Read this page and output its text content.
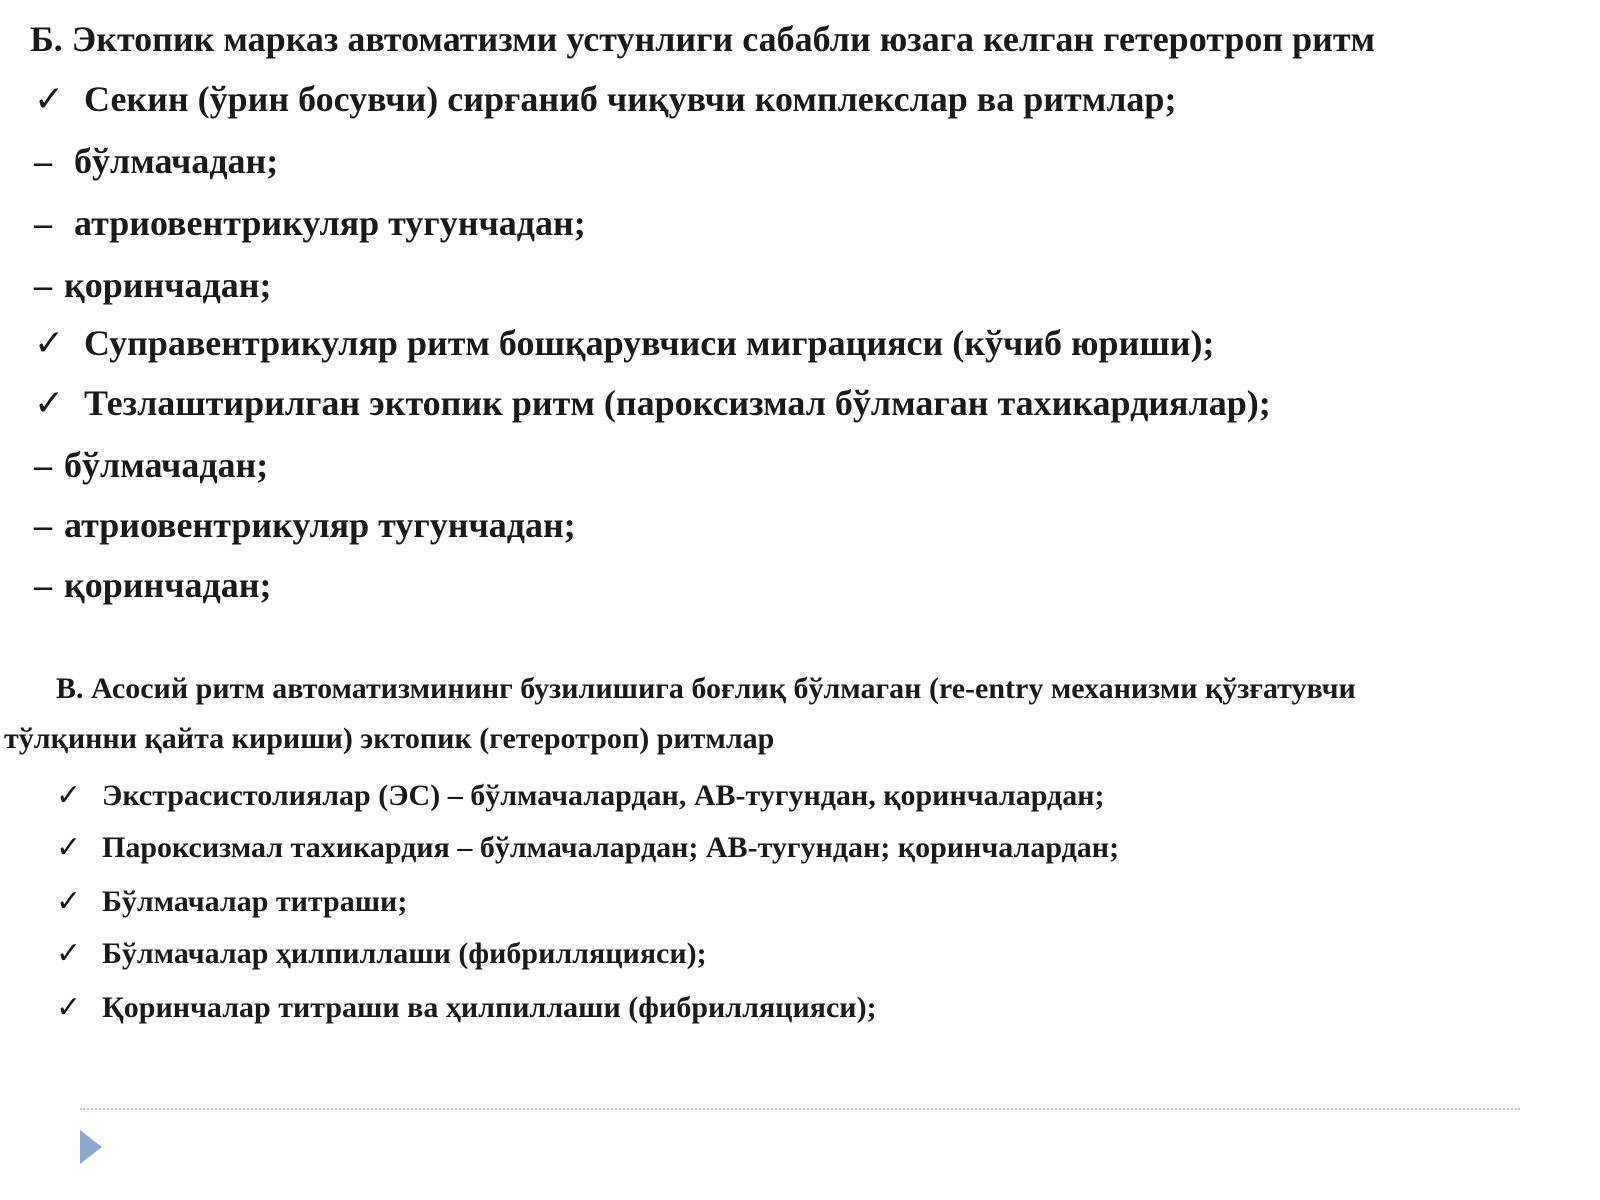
Б. Эктопик марказ автоматизми устунлиги сабабли юзага келган гетеротроп ритм
✓ Секин (ўрин босувчи) сирғаниб чиқувчи комплекслар ва ритмлар;
– бўлмачадан;
– атриовентрикуляр тугунчадан;
– қоринчадан;
✓ Суправентрикуляр ритм бошқарувчиси миграцияси (кўчиб юриши);
✓ Тезлаштирилган эктопик ритм (пароксизмал бўлмаган тахикардиялар);
– бўлмачадан;
– атриовентрикуляр тугунчадан;
– қоринчадан;
В. Асосий ритм автоматизмининг бузилишига боғлиқ бўлмаган (re-entry механизми қўзғатувчи
тўлқинни қайта кириши) эктопик (гетеротроп) ритмлар
✓ Экстрасистолиялар (ЭС) – бўлмачалардан, АВ-тугундан, қоринчалардан;
✓ Пароксизмал тахикардия – бўлмачалардан; АВ-тугундан; қоринчалардан;
✓ Бўлмачалар титраши;
✓ Бўлмачалар ҳилпиллаши (фибрилляцияси);
✓ Қоринчалар титраши ва ҳилпиллаши (фибрилляцияси);
